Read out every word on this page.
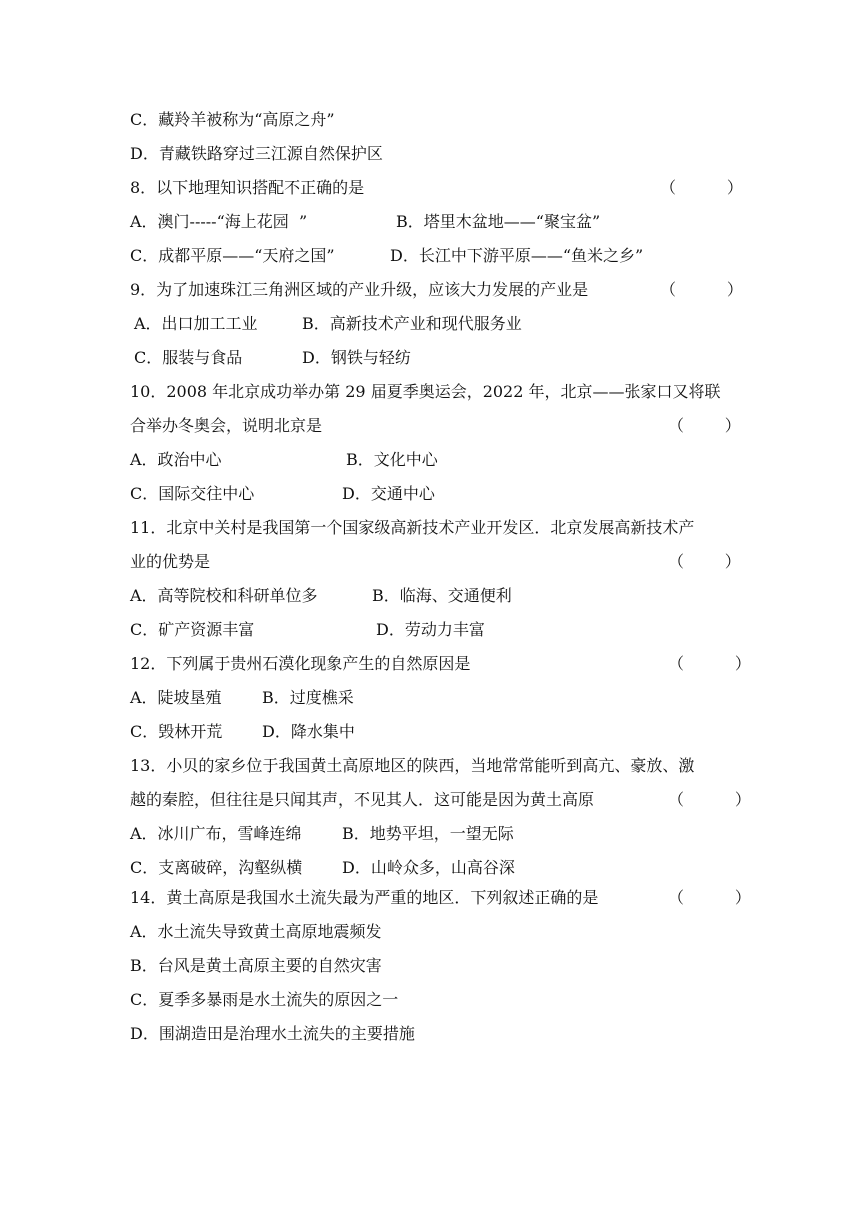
C．藏羚羊被称为“高原之舟”
D．青藏铁路穿过三江源自然保护区
8．以下地理知识搭配不正确的是	（          ）
A．澳门-----“海上花园  ”	B．塔里木盆地——“聚宝盆”
C．成都平原——“天府之国”	D．长江中下游平原——“鱼米之乡”
9．为了加速珠江三角洲区域的产业升级，应该大力发展的产业是	（          ）
A．出口加工工业	B．高新技术产业和现代服务业
C．服装与食品	D．钢铁与轻纺
10．2008 年北京成功举办第 29 届夏季奥运会，2022 年，北京——张家口又将联
合举办冬奥会，说明北京是	（        ）
A．政治中心	B．文化中心
C．国际交往中心	D．交通中心
11．北京中关村是我国第一个国家级高新技术产业开发区．北京发展高新技术产
业的优势是	（        ）
A．高等院校和科研单位多	B．临海、交通便利
C．矿产资源丰富	D．劳动力丰富
12．下列属于贵州石漠化现象产生的自然原因是	（          ）
A．陡坡垦殖	B．过度樵采
C．毁林开荒 D．降水集中
13．小贝的家乡位于我国黄土高原地区的陕西，当地常常能听到高亢、豪放、激
越的秦腔，但往往是只闻其声，不见其人．这可能是因为黄土高原	（          ）
A．冰川广布，雪峰连绵	B．地势平坦，一望无际
C．支离破碎，沟壑纵横 D．山岭众多，山高谷深
14．黄土高原是我国水土流失最为严重的地区．下列叙述正确的是	（          ）
A．水土流失导致黄土高原地震频发
B．台风是黄土高原主要的自然灾害
C．夏季多暴雨是水土流失的原因之一
D．围湖造田是治理水土流失的主要措施
